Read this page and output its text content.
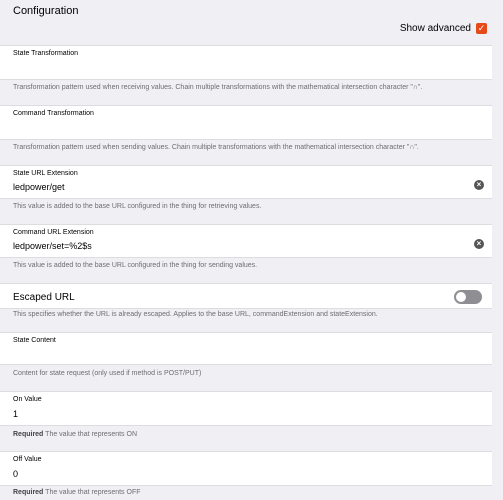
Configuration
Show advanced ✓
State Transformation
Transformation pattern used when receiving values. Chain multiple transformations with the mathematical intersection character "∩".
Command Transformation
Transformation pattern used when sending values. Chain multiple transformations with the mathematical intersection character "∩".
State URL Extension
ledpower/get	×
This value is added to the base URL configured in the thing for retrieving values.
Command URL Extension
ledpower/set=%2$s	×
This value is added to the base URL configured in the thing for sending values.
Escaped URL
This specifies whether the URL is already escaped. Applies to the base URL, commandExtension and stateExtension.
State Content
Content for state request (only used if method is POST/PUT)
On Value
1
Required The value that represents ON
Off Value
0
Required The value that represents OFF
